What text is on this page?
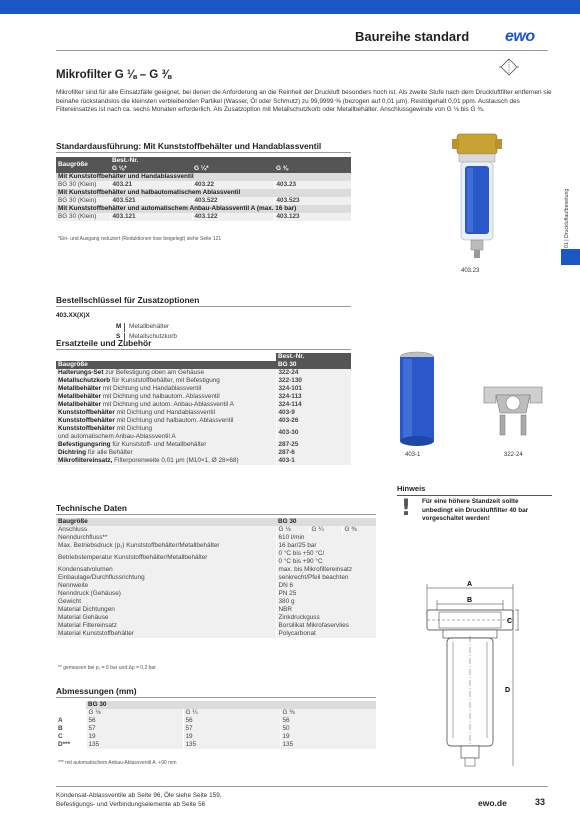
Baureihe standard ewo
Mikrofilter G ⅛ – G ⅜
Mikrofilter sind für alle Einsatzfälle geeignet, bei denen die Anforderung an die Reinheit der Druckluft besonders hoch ist. Als zweite Stufe nach dem Druckluftfilter entfernen sie beinahe rückstandslos die kleinsten verbleibenden Partikel (Wasser, Öl oder Schmutz) zu 99,9999 % (bezogen auf 0,01 µm). Restölgehalt 0,01 ppm. Austausch des Filtereinsatzes ist nach ca. sechs Monaten erforderlich. Als Zusatzoption mit Metallschutzkorb oder Metallbehälter. Anschlussgewinde von G ⅛ bis G ⅜.
01 | Druckluftaufbereitung
Standardausführung: Mit Kunststoffbehälter und Handablassventil
Baugröße	Best.-Nr.		
	G ⅛*	G ¼*	G ⅜
Mit Kunststoffbehälter und Handablassventil			
BG 30 (Klein)	403.21	403.22	403.23
Mit Kunststoffbehälter und halbautomatischem Ablassventil			
BG 30 (Klein)	403.521	403.522	403.523
Mit Kunststoffbehälter und automatischem Anbau-Ablassventil A (max. 16 bar)			
BG 30 (Klein)	403.121	403.122	403.123
*Ein- und Ausgang reduziert (Reduktionen lose beigelegt) siehe Seite 121
403.23
Bestellschlüssel für Zusatzoptionen
403.XX(X)X
M Metallbehälter
S Metallschutzkorb
Ersatzteile und Zubehör
	Best.-Nr.
Baugröße	BG 30
Halterungs-Set zur Befestigung oben am Gehäuse	322-24
Metallschutzkorb für Kunststoffbehälter, mit Befestigung	322-130
Metallbehälter mit Dichtung und Handablassventil	324-101
Metallbehälter mit Dichtung und halbautom. Ablassventil	324-113
Metallbehälter mit Dichtung und autom. Anbau-Ablassventil A	324-114
Kunststoffbehälter mit Dichtung und Handablassventil	403-9
Kunststoffbehälter mit Dichtung und halbautom. Ablassventil	403-26
Kunststoffbehälter mit Dichtung
und automatischem Anbau-Ablassventil A	403-30
Befestigungsring für Kunststoff- und Metallbehälter	287-25
Dichtring für alle Behälter	287-6
Mikrofiltereinsatz, Filterporenweite 0,01 µm (M10×1, Ø 28×68)	403-1
403-1	322-24
Hinweis
! Für eine höhere Standzeit sollte unbedingt ein Druckluftfilter 40 bar vorgeschaltet werden!
Technische Daten
Baugröße	BG 30		
Anschluss	G ⅛	G ¼	G ⅜
Nenndurchfluss**	610 l/min		
Max. Betriebsdruck (p₁) Kunststoffbehälter/Metallbehälter	16 bar/25 bar		
Betriebstemperatur Kunststoffbehälter/Metallbehälter	0 °C bis +50 °C/
0 °C bis +90 °C		
Kondensatvolumen	max. bis Mikrofiltereinsatz		
Einbaulage/Durchflussrichtung	senkrecht/Pfeil beachten		
Nennweite	DN 6		
Nenndruck (Gehäuse)	PN 25		
Gewicht	380 g		
Material Dichtungen	NBR		
Material Gehäuse	Zinkdruckguss		
Material Filtereinsatz	Borsilikat Mikrofaservlies		
Material Kunststoffbehälter	Polycarbonat		
** gemessen bei p₁ = 6 bar und Δp = 0,2 bar
Abmessungen (mm)
	BG 30		
	G ⅛	G ¼	G ⅜
A	56	56	56
B	57	57	50
C	19	19	19
D***	135	135	135
*** mit automatischem Anbau-Ablassventil A: +90 mm
A
B
C
D
Kondensat-Ablassventile ab Seite 96, Öle siehe Seite 159,
Befestigungs- und Verbindungselemente ab Seite 56	ewo.de	33
